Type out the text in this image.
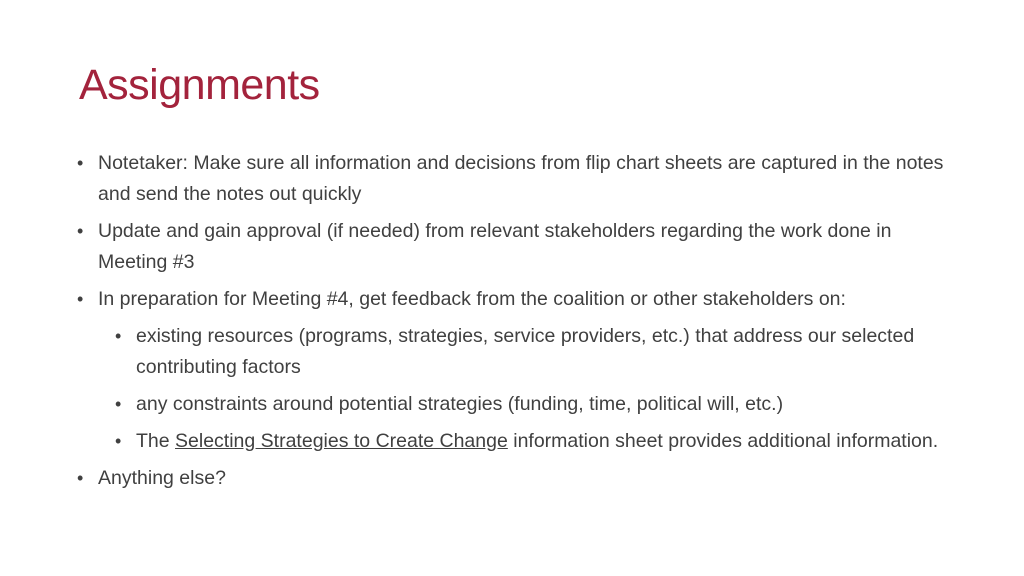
Assignments
• Notetaker: Make sure all information and decisions from flip chart sheets are captured in the notes and send the notes out quickly
• Update and gain approval (if needed) from relevant stakeholders regarding the work done in Meeting #3
• In preparation for Meeting #4, get feedback from the coalition or other stakeholders on:
• existing resources (programs, strategies, service providers, etc.) that address our selected contributing factors
• any constraints around potential strategies (funding, time, political will, etc.)
• The Selecting Strategies to Create Change information sheet provides additional information.
• Anything else?
